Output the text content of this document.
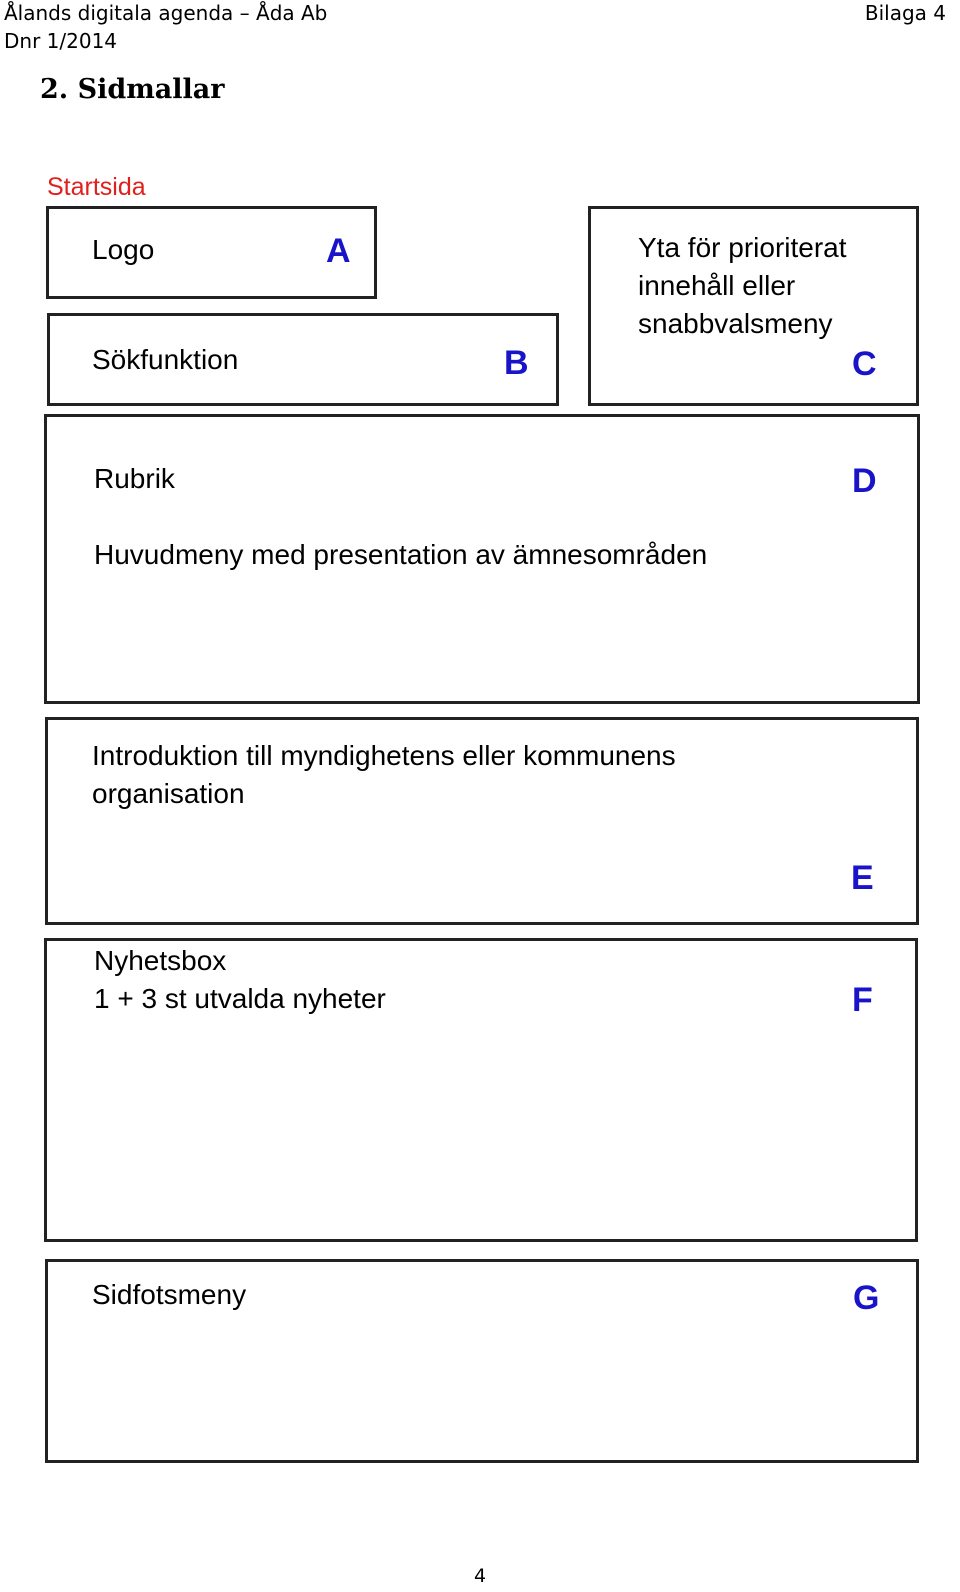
Ålands digitala agenda – Åda Ab
Dnr 1/2014
Bilaga 4
2. Sidmallar
Startsida
Logo	A
Sökfunktion	B
Yta för prioriterat
innehåll eller
snabbvalsmeny
C
Rubrik
Huvudmeny med presentation av ämnesområden
D
Introduktion till myndighetens eller kommunens
organisation
E
Nyhetsbox
1 + 3 st utvalda nyheter	F
Sidfotsmeny	G
4
